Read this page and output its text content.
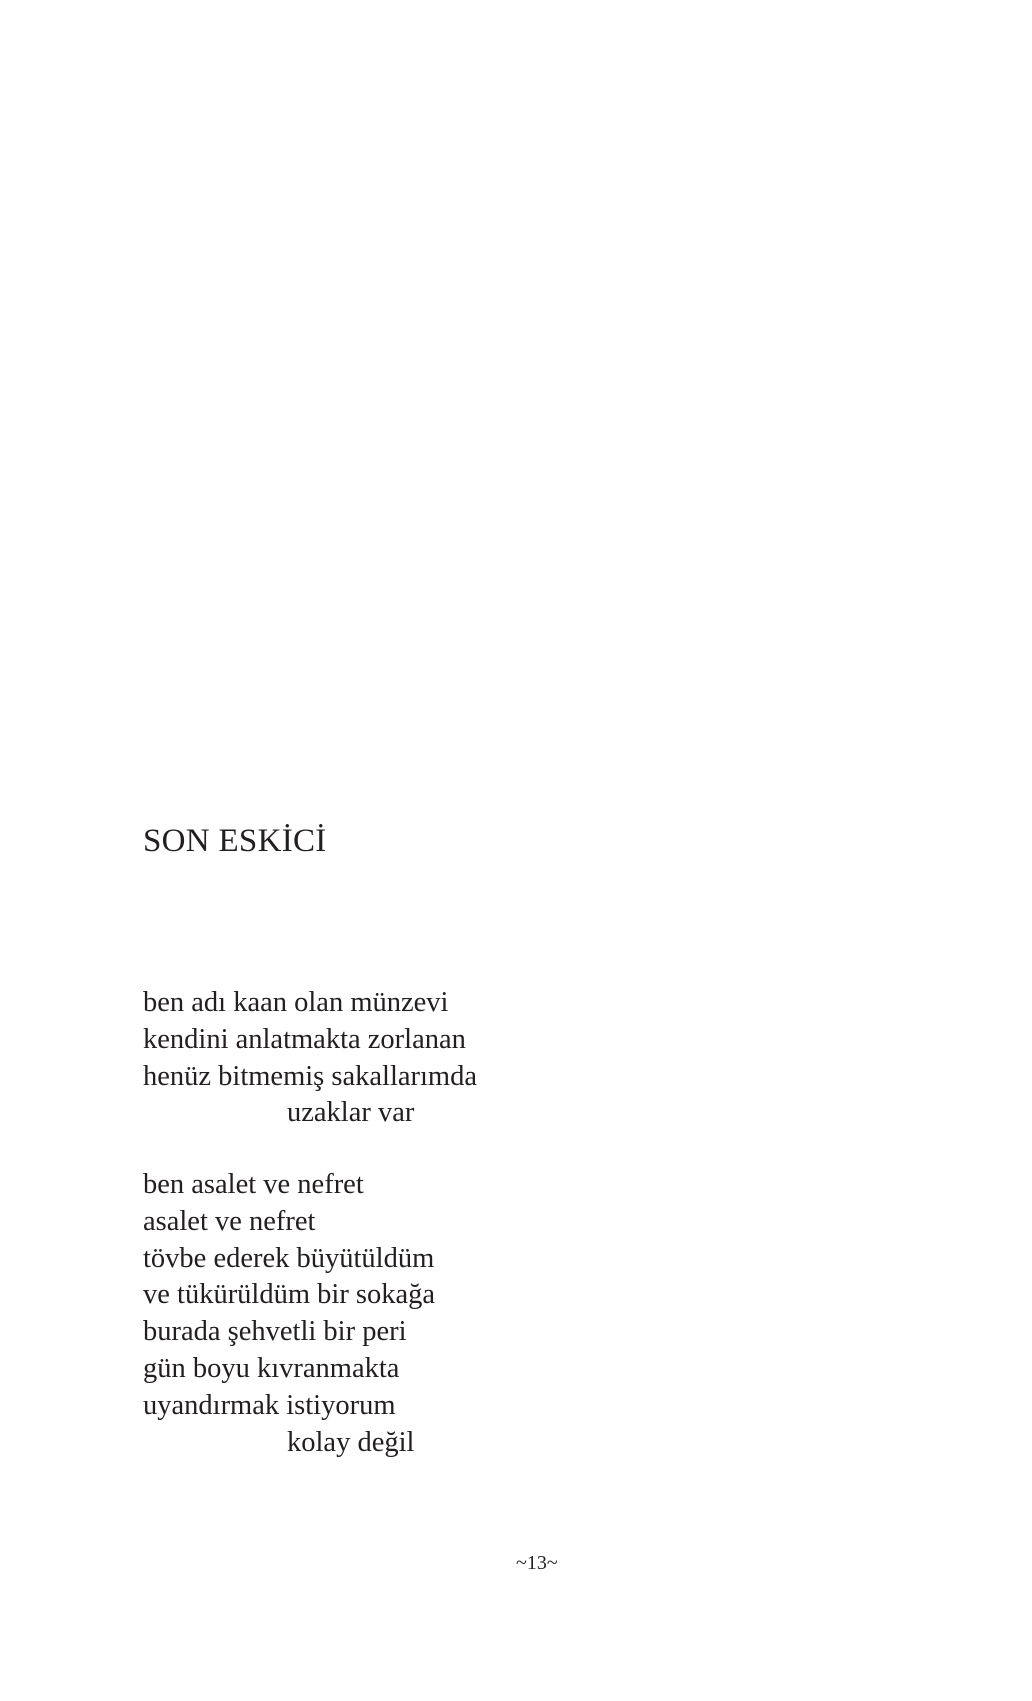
SON ESKİCİ
ben adı kaan olan münzevi
kendini anlatmakta zorlanan
henüz bitmemiş sakallarımda
uzaklar var
ben asalet ve nefret
asalet ve nefret
tövbe ederek büyütüldüm
ve tükürüldüm bir sokağa
burada şehvetli bir peri
gün boyu kıvranmakta
uyandırmak istiyorum
kolay değil
~13~
